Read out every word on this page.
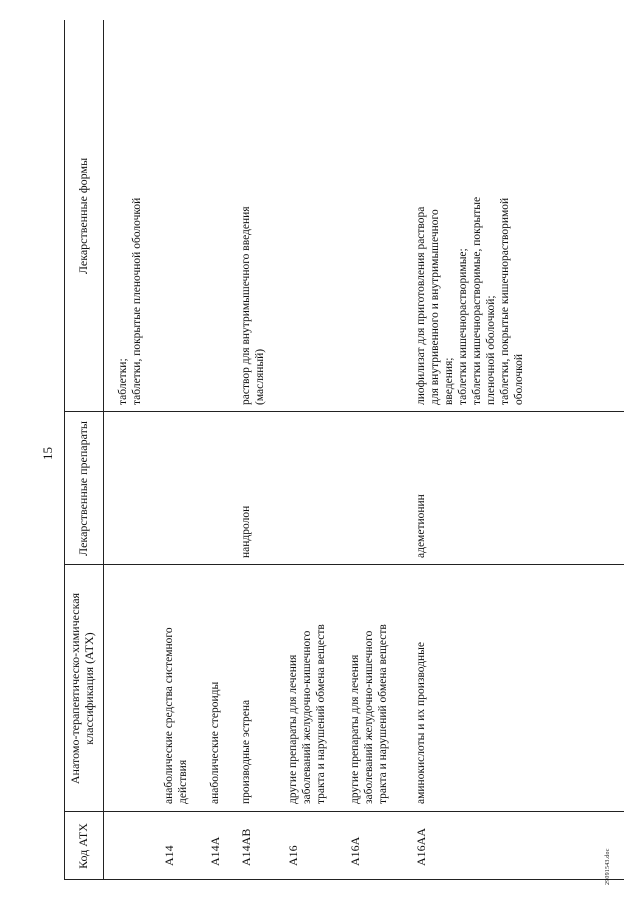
15
Код АТХ
Анатомо-терапевтическо-химическая
классификация (АТХ)
Лекарственные препараты
Лекарственные формы
таблетки;
таблетки, покрытые пленочной оболочкой
A14
анаболические средства системного
действия
A14A
анаболические стероиды
A14AB
производные эстрена
нандролон
раствор для внутримышечного введения
(масляный)
A16
другие препараты для лечения
заболеваний желудочно-кишечного
тракта и нарушений обмена веществ
A16A
другие препараты для лечения
заболеваний желудочно-кишечного
тракта и нарушений обмена веществ
A16AA
аминокислоты и их производные
адеметионин
лиофилизат для приготовления раствора
для внутривенного и внутримышечного
введения;
таблетки кишечнорастворимые;
таблетки кишечнорастворимые, покрытые
пленочной оболочкой;
таблетки, покрытые кишечнорастворимой
оболочкой
29091543.doc
